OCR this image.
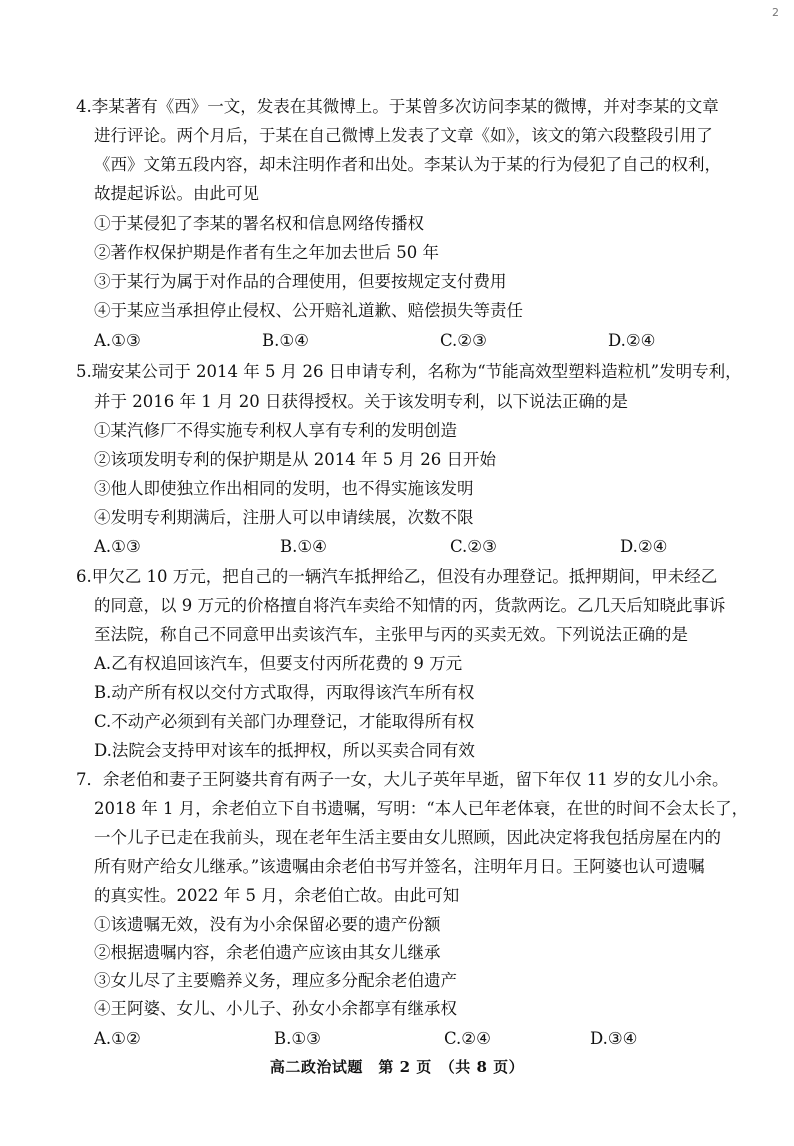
2
4.李某著有《西》一文，发表在其微博上。于某曾多次访问李某的微博，并对李某的文章
进行评论。两个月后，于某在自己微博上发表了文章《如》，该文的第六段整段引用了
《西》文第五段内容，却未注明作者和出处。李某认为于某的行为侵犯了自己的权利，
故提起诉讼。由此可见
①于某侵犯了李某的署名权和信息网络传播权
②著作权保护期是作者有生之年加去世后 50 年
③于某行为属于对作品的合理使用，但要按规定支付费用
④于某应当承担停止侵权、公开赔礼道歉、赔偿损失等责任
A.①③	B.①④	C.②③	D.②④
5.瑞安某公司于 2014 年 5 月 26 日申请专利，名称为“节能高效型塑料造粒机”发明专利，
并于 2016 年 1 月 20 日获得授权。关于该发明专利，以下说法正确的是
①某汽修厂不得实施专利权人享有专利的发明创造
②该项发明专利的保护期是从 2014 年 5 月 26 日开始
③他人即使独立作出相同的发明，也不得实施该发明
④发明专利期满后，注册人可以申请续展，次数不限
A.①③	B.①④	C.②③	D.②④
6.甲欠乙 10 万元，把自己的一辆汽车抵押给乙，但没有办理登记。抵押期间，甲未经乙
的同意，以 9 万元的价格擅自将汽车卖给不知情的丙，货款两讫。乙几天后知晓此事诉
至法院，称自己不同意甲出卖该汽车，主张甲与丙的买卖无效。下列说法正确的是
A.乙有权追回该汽车，但要支付丙所花费的 9 万元
B.动产所有权以交付方式取得，丙取得该汽车所有权
C.不动产必须到有关部门办理登记，才能取得所有权
D.法院会支持甲对该车的抵押权，所以买卖合同有效
7．余老伯和妻子王阿婆共育有两子一女，大儿子英年早逝，留下年仅 11 岁的女儿小余。
2018 年 1 月，余老伯立下自书遗嘱，写明：“本人已年老体衰，在世的时间不会太长了，
一个儿子已走在我前头，现在老年生活主要由女儿照顾，因此决定将我包括房屋在内的
所有财产给女儿继承。”该遗嘱由余老伯书写并签名，注明年月日。王阿婆也认可遗嘱
的真实性。2022 年 5 月，余老伯亡故。由此可知
①该遗嘱无效，没有为小余保留必要的遗产份额
②根据遗嘱内容，余老伯遗产应该由其女儿继承
③女儿尽了主要赡养义务，理应多分配余老伯遗产
④王阿婆、女儿、小儿子、孙女小余都享有继承权
A.①②	B.①③	C.②④	D.③④
高二政治试题　第 2 页　（共 8 页）
